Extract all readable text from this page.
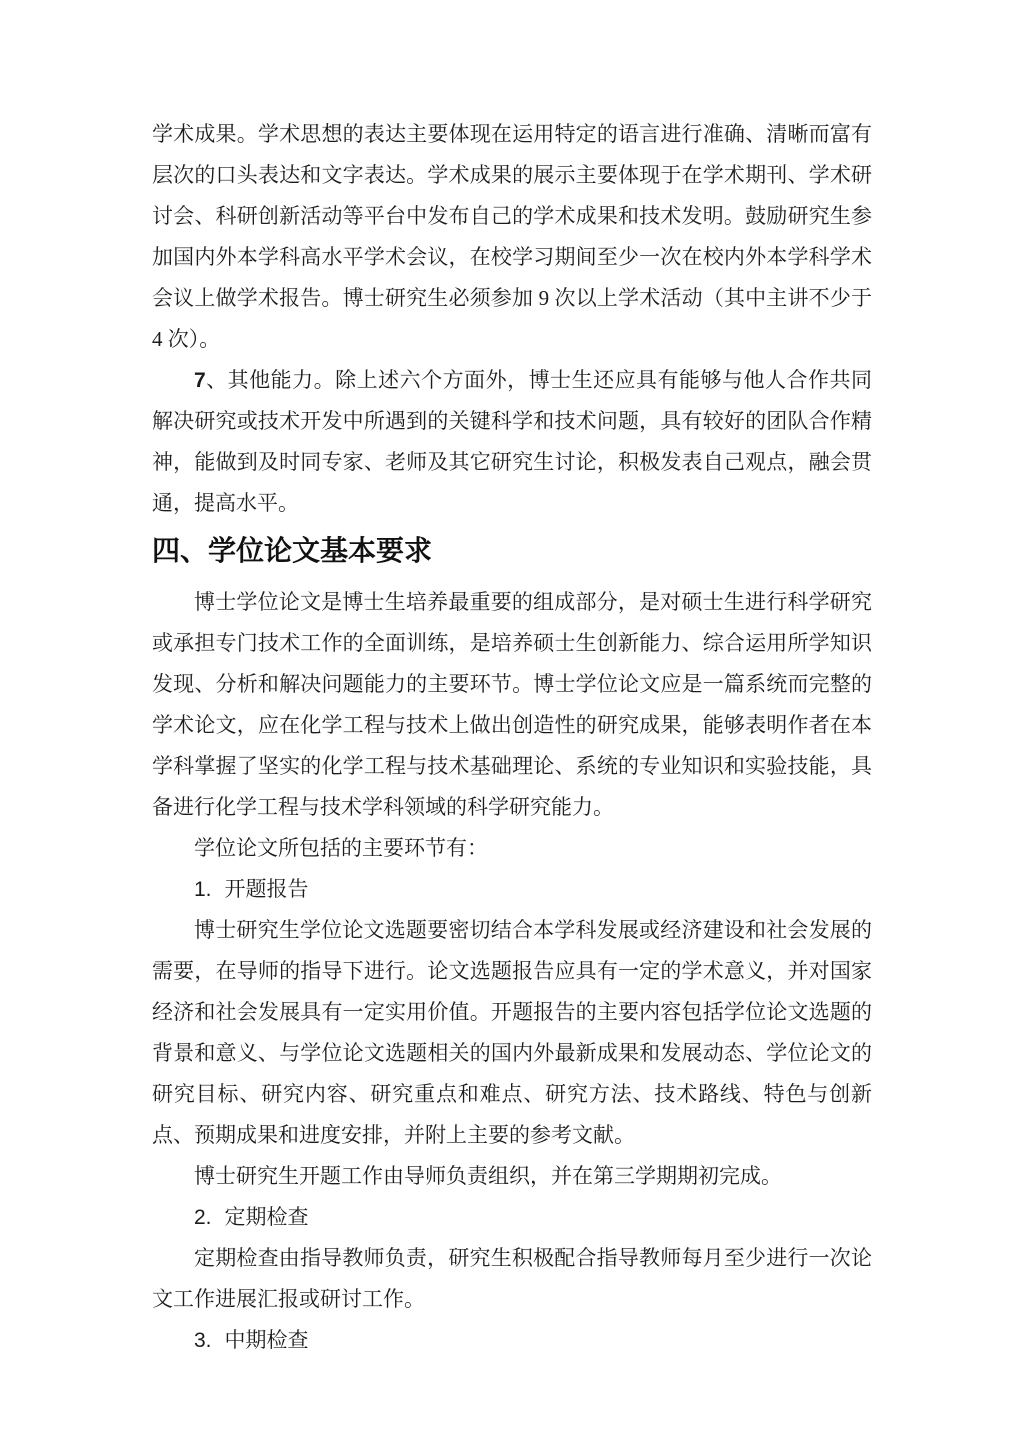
学术成果。学术思想的表达主要体现在运用特定的语言进行准确、清晰而富有层次的口头表达和文字表达。学术成果的展示主要体现于在学术期刊、学术研讨会、科研创新活动等平台中发布自己的学术成果和技术发明。鼓励研究生参加国内外本学科高水平学术会议，在校学习期间至少一次在校内外本学科学术会议上做学术报告。博士研究生必须参加 9 次以上学术活动（其中主讲不少于 4 次）。

7、其他能力。除上述六个方面外，博士生还应具有能够与他人合作共同解决研究或技术开发中所遇到的关键科学和技术问题，具有较好的团队合作精神，能做到及时同专家、老师及其它研究生讨论，积极发表自己观点，融会贯通，提高水平。

四、学位论文基本要求

博士学位论文是博士生培养最重要的组成部分，是对硕士生进行科学研究或承担专门技术工作的全面训练，是培养硕士生创新能力、综合运用所学知识发现、分析和解决问题能力的主要环节。博士学位论文应是一篇系统而完整的学术论文，应在化学工程与技术上做出创造性的研究成果，能够表明作者在本学科掌握了坚实的化学工程与技术基础理论、系统的专业知识和实验技能，具备进行化学工程与技术学科领域的科学研究能力。

学位论文所包括的主要环节有：

1. 开题报告

博士研究生学位论文选题要密切结合本学科发展或经济建设和社会发展的需要，在导师的指导下进行。论文选题报告应具有一定的学术意义，并对国家经济和社会发展具有一定实用价值。开题报告的主要内容包括学位论文选题的背景和意义、与学位论文选题相关的国内外最新成果和发展动态、学位论文的研究目标、研究内容、研究重点和难点、研究方法、技术路线、特色与创新点、预期成果和进度安排，并附上主要的参考文献。

博士研究生开题工作由导师负责组织，并在第三学期期初完成。

2. 定期检查

定期检查由指导教师负责，研究生积极配合指导教师每月至少进行一次论文工作进展汇报或研讨工作。

3. 中期检查
